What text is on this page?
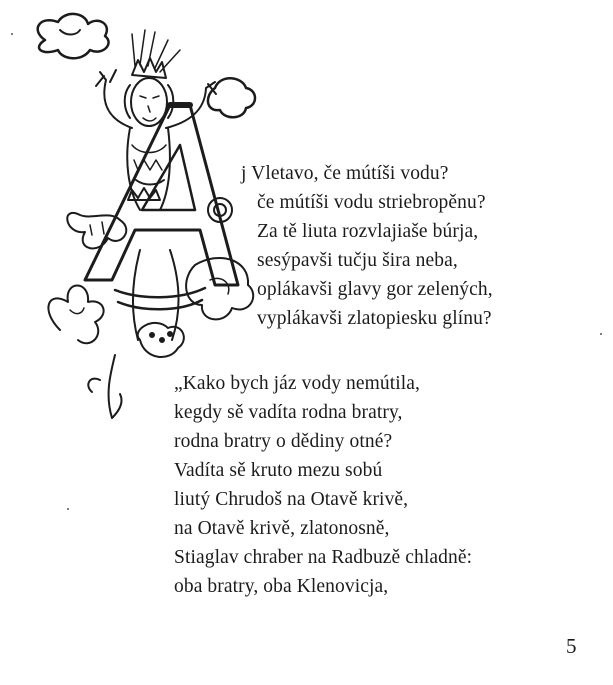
j Vletavo, če mútíši vodu?
če mútíši vodu striebropěnu?
Za tě liuta rozvlajiaše búrja,
sesýpavši tučju šira neba,
oplákavši glavy gor zelených,
vyplákavši zlatopiesku glínu?
„Kako bych jáz vody nemútila,
kegdy sě vadíta rodna bratry,
rodna bratry o dědiny otné?
Vadíta sě kruto mezu sobú
liutý Chrudoš na Otavě krivě,
na Otavě krivě, zlatonosně,
Stiaglav chraber na Radbuzě chladně:
oba bratry, oba Klenovicja,
5
